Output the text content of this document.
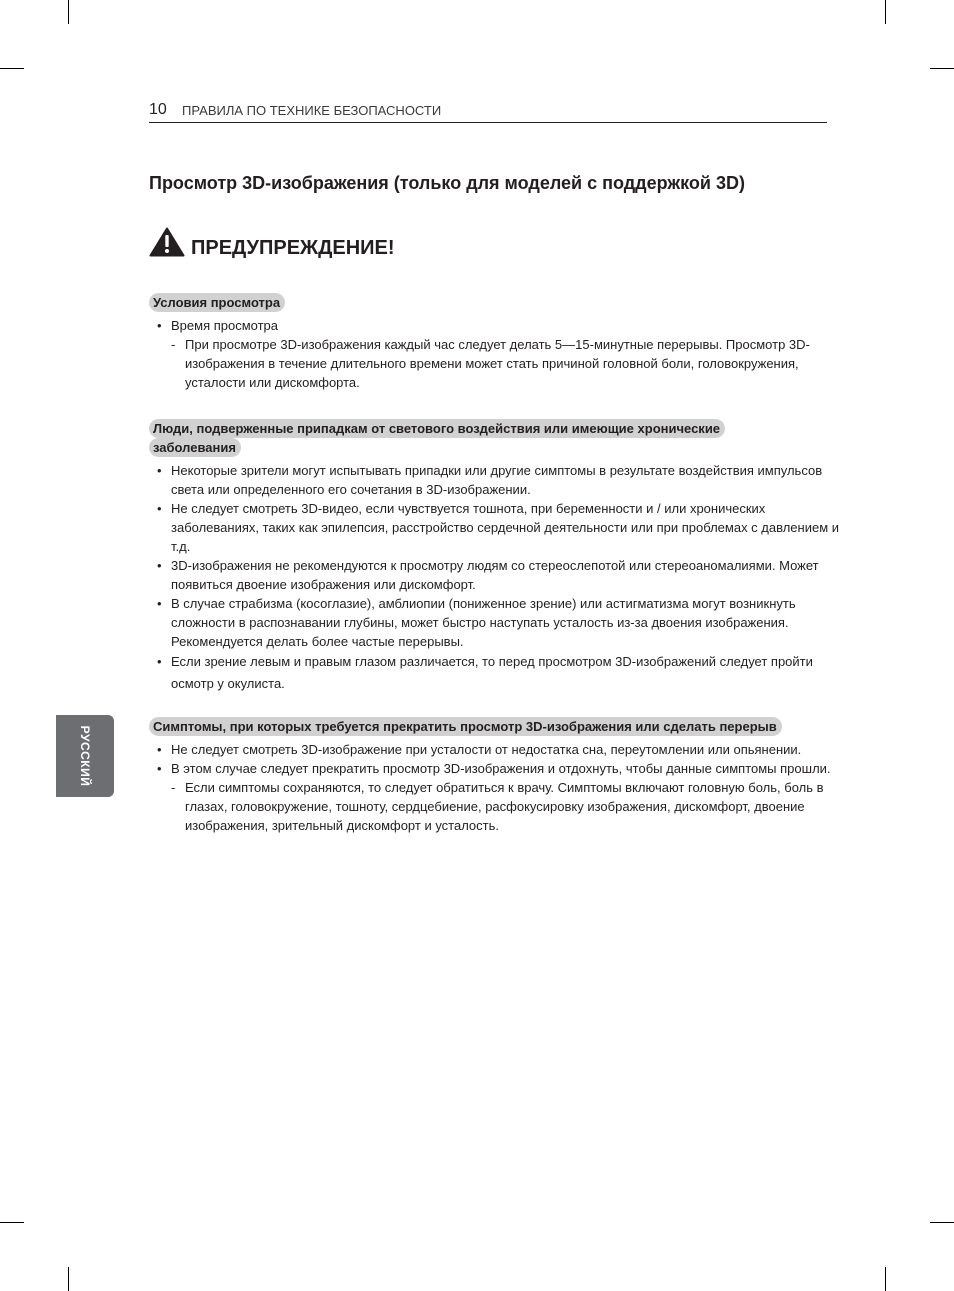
10 ПРАВИЛА ПО ТЕХНИКЕ БЕЗОПАСНОСТИ
Просмотр 3D-изображения (только для моделей с поддержкой 3D)
ПРЕДУПРЕЖДЕНИЕ!
Условия просмотра
• Время просмотра
- При просмотре 3D-изображения каждый час следует делать 5—15-минутные перерывы. Просмотр 3D-изображения в течение длительного времени может стать причиной головной боли, головокружения, усталости или дискомфорта.
Люди, подверженные припадкам от светового воздействия или имеющие хронические заболевания
• Некоторые зрители могут испытывать припадки или другие симптомы в результате воздействия импульсов света или определенного его сочетания в 3D-изображении.
• Не следует смотреть 3D-видео, если чувствуется тошнота, при беременности и / или хронических заболеваниях, таких как эпилепсия, расстройство сердечной деятельности или при проблемах с давлением и т.д.
• 3D-изображения не рекомендуются к просмотру людям со стереослепотой или стереоаномалиями. Может появиться двоение изображения или дискомфорт.
• В случае страбизма (косоглазие), амблиопии (пониженное зрение) или астигматизма могут возникнуть сложности в распознавании глубины, может быстро наступать усталость из-за двоения изображения. Рекомендуется делать более частые перерывы.
• Если зрение левым и правым глазом различается, то перед просмотром 3D-изображений следует пройти осмотр у окулиста.
Симптомы, при которых требуется прекратить просмотр 3D-изображения или сделать перерыв
• Не следует смотреть 3D-изображение при усталости от недостатка сна, переутомлении или опьянении.
• В этом случае следует прекратить просмотр 3D-изображения и отдохнуть, чтобы данные симптомы прошли.
- Если симптомы сохраняются, то следует обратиться к врачу. Симптомы включают головную боль, боль в глазах, головокружение, тошноту, сердцебиение, расфокусировку изображения, дискомфорт, двоение изображения, зрительный дискомфорт и усталость.
РУССКИЙ
